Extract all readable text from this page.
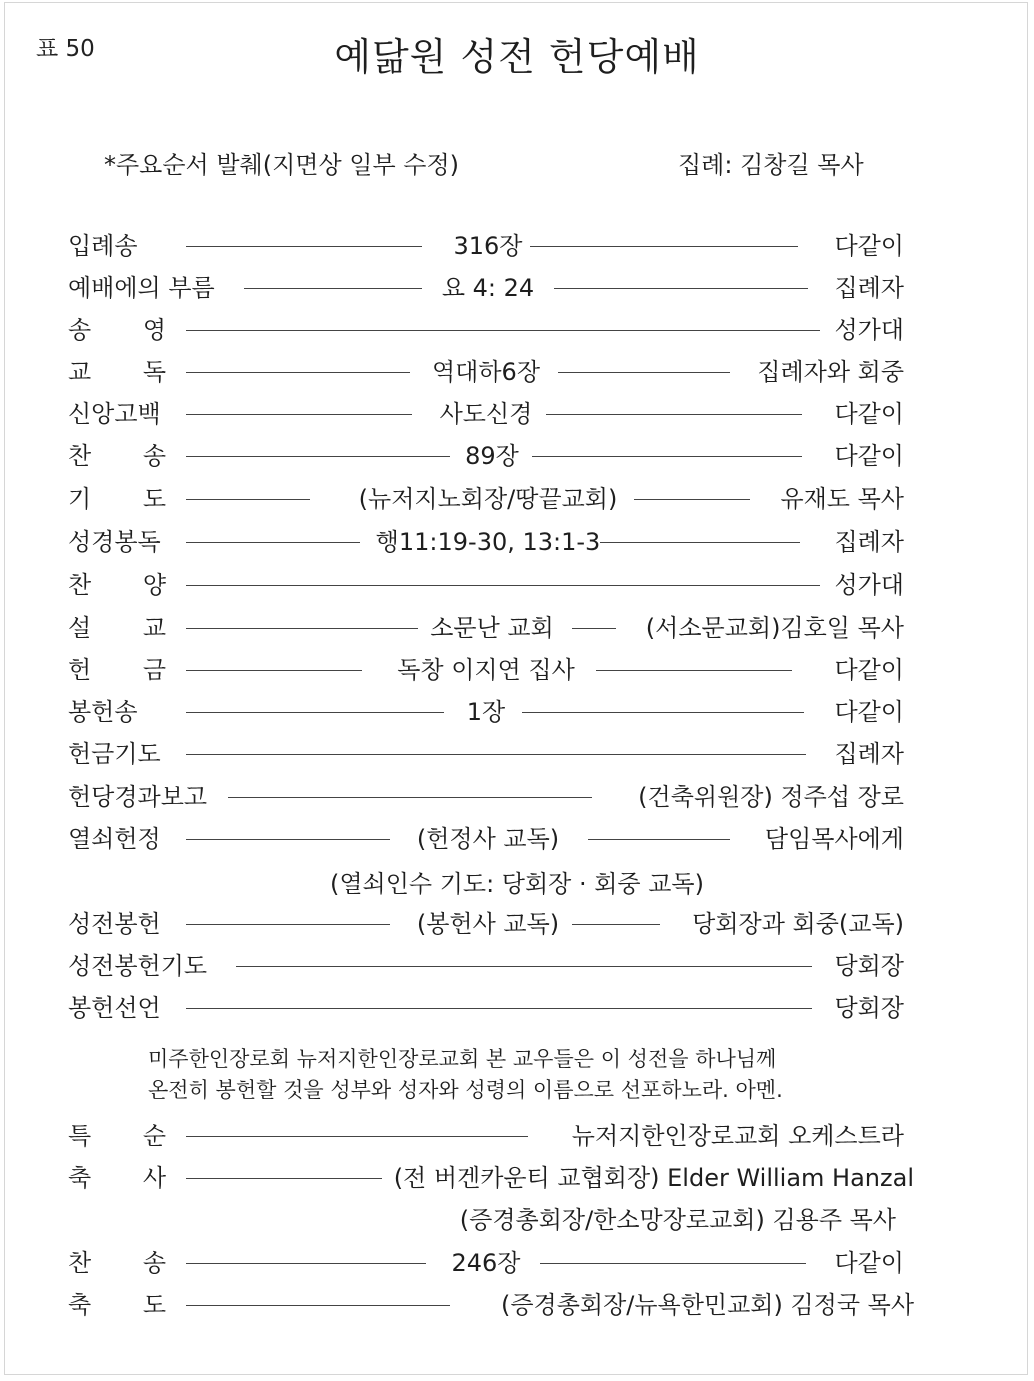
표 50	예닮원 성전 헌당예배
*주요순서 발췌(지면상 일부 수정)	집례: 김창길 목사
입례송	316장	다같이
예배에의 부름	요 4: 24	집례자
송 영	성가대
교 독	역대하6장	집례자와 회중
신앙고백	사도신경	다같이
찬 송	89장	다같이
기 도	(뉴저지노회장/땅끝교회)	유재도 목사
성경봉독	행11:19-30, 13:1-3	집례자
찬 양	성가대
설 교	소문난 교회	(서소문교회)김호일 목사
헌 금	독창 이지연 집사	다같이
봉헌송	1장	다같이
헌금기도	집례자
헌당경과보고	(건축위원장) 정주섭 장로
열쇠헌정	(헌정사 교독)	담임목사에게
(열쇠인수 기도: 당회장 · 회중 교독)
성전봉헌	(봉헌사 교독)	당회장과 회중(교독)
성전봉헌기도	당회장
봉헌선언	당회장
미주한인장로회 뉴저지한인장로교회 본 교우들은 이 성전을 하나님께
온전히 봉헌할 것을 성부와 성자와 성령의 이름으로 선포하노라. 아멘.
특 순	뉴저지한인장로교회 오케스트라
축 사	(전 버겐카운티 교협회장) Elder William Hanzal
(증경총회장/한소망장로교회) 김용주 목사
찬 송	246장	다같이
축 도	(증경총회장/뉴욕한민교회) 김정국 목사
